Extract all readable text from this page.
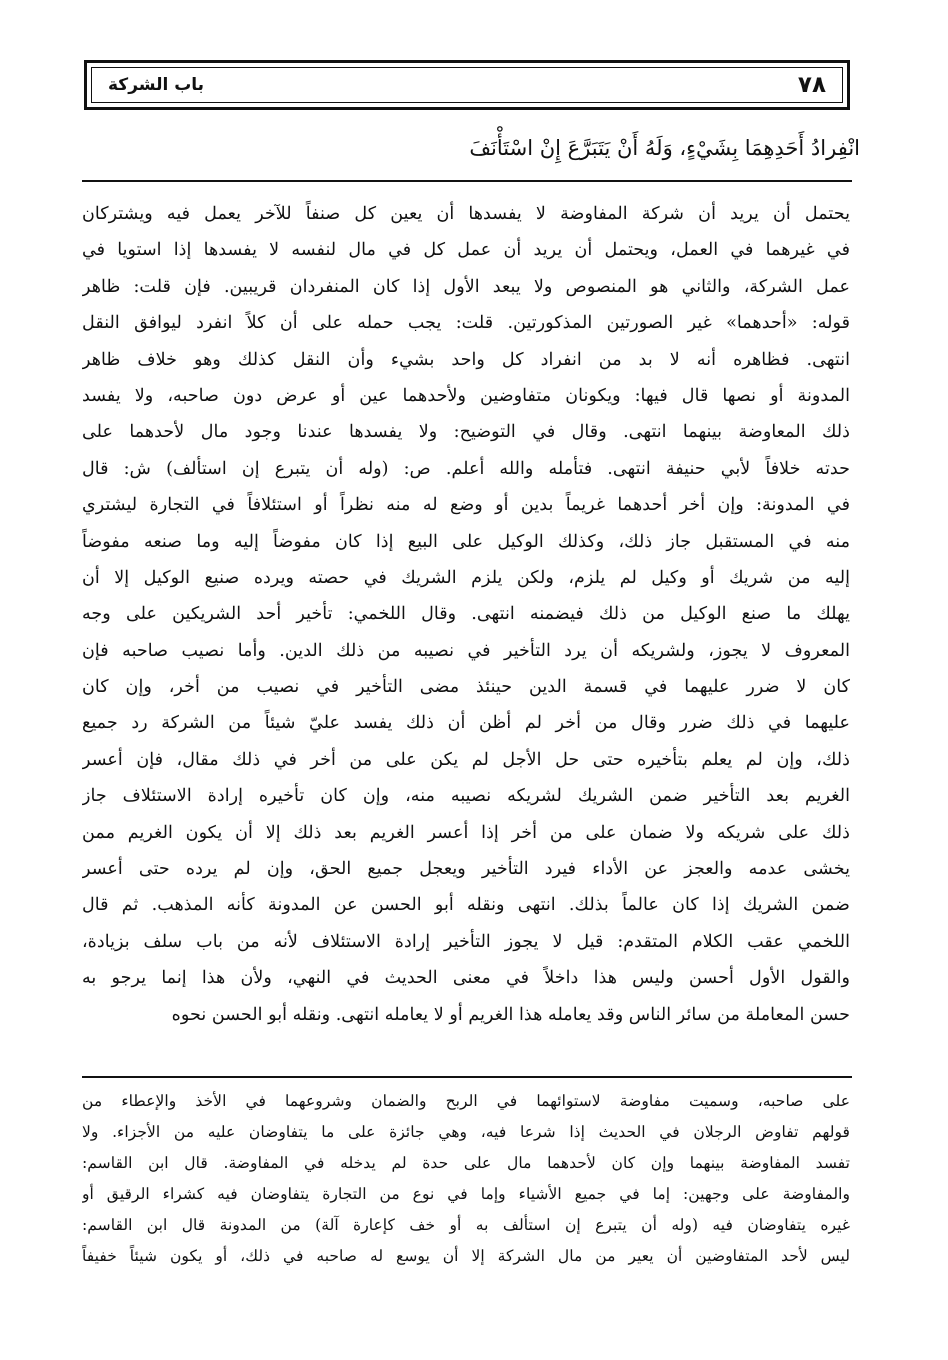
٧٨
باب الشركة
انْفِرادُ أَحَدِهِمَا بِشَيْءٍ، وَلَهُ أَنْ يَتَبَرَّعَ إِنْ اسْتَأْنَفَ
يحتمل أن يريد أن شركة المفاوضة لا يفسدها أن يعين كل صنفاً للآخر يعمل فيه ويشتركان
في غيرهما في العمل، ويحتمل أن يريد أن عمل كل في مال لنفسه لا يفسدها إذا استويا في
عمل الشركة، والثاني هو المنصوص ولا يبعد الأول إذا كان المنفردان قريبين. فإن قلت: ظاهر
قوله: «أحدهما» غير الصورتين المذكورتين. قلت: يجب حمله على أن كلاً انفرد ليوافق النقل
انتهى. فظاهره أنه لا بد من انفراد كل واحد بشيء وأن النقل كذلك وهو خلاف ظاهر
المدونة أو نصها قال فيها: ويكونان متفاوضين ولأحدهما عين أو عرض دون صاحبه، ولا يفسد
ذلك المعاوضة بينهما انتهى. وقال في التوضيح: ولا يفسدها عندنا وجود مال لأحدهما على
حدته خلافاً لأبي حنيفة انتهى. فتأمله والله أعلم. ص: (وله أن يتبرع إن استألف) ش: قال
في المدونة: وإن أخر أحدهما غريماً بدين أو وضع له منه نظراً أو استئلافاً في التجارة ليشتري
منه في المستقبل جاز ذلك، وكذلك الوكيل على البيع إذا كان مفوضاً إليه وما صنعه مفوضاً
إليه من شريك أو وكيل لم يلزم، ولكن يلزم الشريك في حصته ويرده صنيع الوكيل إلا أن
يهلك ما صنع الوكيل من ذلك فيضمنه انتهى. وقال اللخمي: تأخير أحد الشريكين على وجه
المعروف لا يجوز، ولشريكه أن يرد التأخير في نصيبه من ذلك الدين. وأما نصيب صاحبه فإن
كان لا ضرر عليهما في قسمة الدين حينئذ مضى التأخير في نصيب من أخر، وإن كان
عليهما في ذلك ضرر وقال من أخر لم أظن أن ذلك يفسد عليّ شيئاً من الشركة رد جميع
ذلك، وإن لم يعلم بتأخيره حتى حل الأجل لم يكن على من أخر في ذلك مقال، فإن أعسر
الغريم بعد التأخير ضمن الشريك لشريكه نصيبه منه، وإن كان تأخيره إرادة الاستئلاف جاز
ذلك على شريكه ولا ضمان على من أخر إذا أعسر الغريم بعد ذلك إلا أن يكون الغريم ممن
يخشى عدمه والعجز عن الأداء فيرد التأخير ويعجل جميع الحق، وإن لم يرده حتى أعسر
ضمن الشريك إذا كان عالماً بذلك. انتهى ونقله أبو الحسن عن المدونة كأنه المذهب. ثم قال
اللخمي عقب الكلام المتقدم: قيل لا يجوز التأخير إرادة الاستئلاف لأنه من باب سلف بزيادة،
والقول الأول أحسن وليس هذا داخلاً في معنى الحديث في النهي، ولأن هذا إنما يرجو به
حسن المعاملة من سائر الناس وقد يعامله هذا الغريم أو لا يعامله انتهى. ونقله أبو الحسن نحوه
على صاحبه، وسميت مفاوضة لاستوائهما في الربح والضمان وشروعهما في الأخذ والإعطاء من
قولهم تفاوض الرجلان في الحديث إذا شرعا فيه، وهي جائزة على ما يتفاوضان عليه من الأجزاء. ولا
تفسد المفاوضة بينهما وإن كان لأحدهما مال على حدة لم يدخله في المفاوضة. قال ابن القاسم:
والمفاوضة على وجهين: إما في جميع الأشياء وإما في نوع من التجارة يتفاوضان فيه كشراء الرقيق أو
غيره يتفاوضان فيه (وله أن يتبرع إن استألف به أو خف كإعارة آلة) من المدونة قال ابن القاسم:
ليس لأحد المتفاوضين أن يعير من مال الشركة إلا أن يوسع له صاحبه في ذلك، أو يكون شيئاً خفيفاً
